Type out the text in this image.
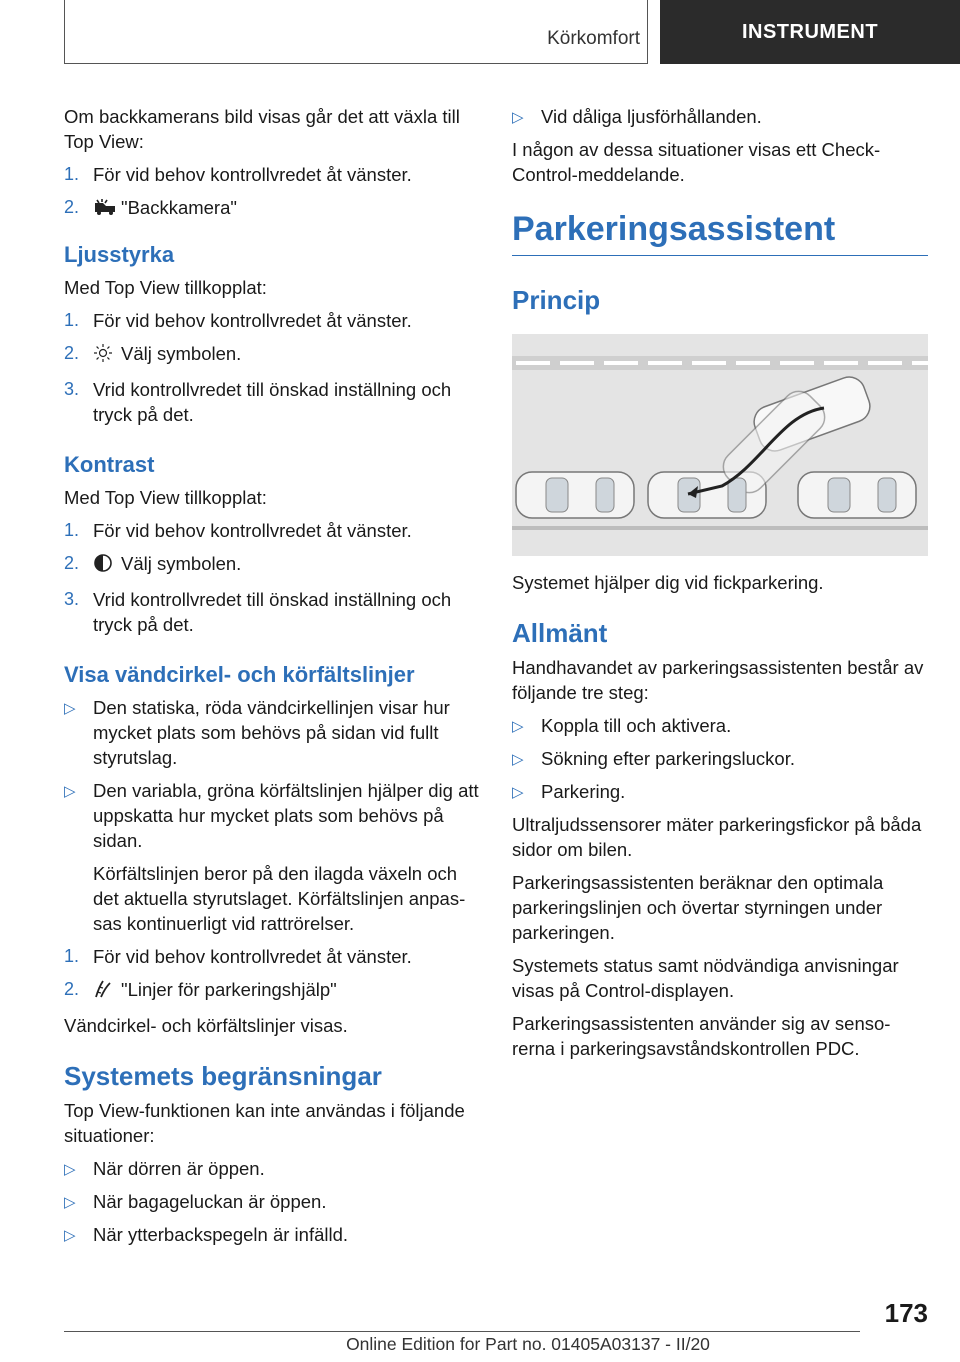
Körkomfort	INSTRUMENT

Om backkamerans bild visas går det att växla till Top View:

1. För vid behov kontrollvredet åt vänster.
2. "Backkamera"
Ljusstyrka

Med Top View tillkopplat:

1. För vid behov kontrollvredet åt vänster.
2. Välj symbolen.
3. Vrid kontrollvredet till önskad inställning och tryck på det.
Kontrast

Med Top View tillkopplat:

1. För vid behov kontrollvredet åt vänster.
2. Välj symbolen.
3. Vrid kontrollvredet till önskad inställning och tryck på det.
Visa vändcirkel- och körfältslinjer
▷ Den statiska, röda vändcirkellinjen visar hur mycket plats som behövs på sidan vid fullt styrutslag.
▷ Den variabla, gröna körfältslinjen hjälper dig att uppskatta hur mycket plats som behövs på sidan.
Körfältslinjen beror på den ilagda växeln och det aktuella styrutslaget. Körfältslinjen anpas-sas kontinuerligt vid rattrörelser.
1. För vid behov kontrollvredet åt vänster.
2. "Linjer för parkeringshjälp"

Vändcirkel- och körfältslinjer visas.

Systemets begränsningar

Top View-funktionen kan inte användas i följande situationer:

▷ När dörren är öppen.
▷ När bagageluckan är öppen.
▷ När ytterbackspegeln är infälld.
▷ Vid dåliga ljusförhållanden.

I någon av dessa situationer visas ett Check-Control-meddelande.

Parkeringsassistent
Princip

Systemet hjälper dig vid fickparkering.

Allmänt

Handhavandet av parkeringsassistenten består av följande tre steg:

▷ Koppla till och aktivera.
▷ Sökning efter parkeringsluckor.
▷ Parkering.

Ultraljudssensorer mäter parkeringsfickor på båda sidor om bilen.

Parkeringsassistenten beräknar den optimala parkeringslinjen och övertar styrningen under parkeringen.

Systemets status samt nödvändiga anvisningar visas på Control-displayen.

Parkeringsassistenten använder sig av senso-rerna i parkeringsavståndskontrollen PDC.

173
Online Edition for Part no. 01405A03137 - II/20
